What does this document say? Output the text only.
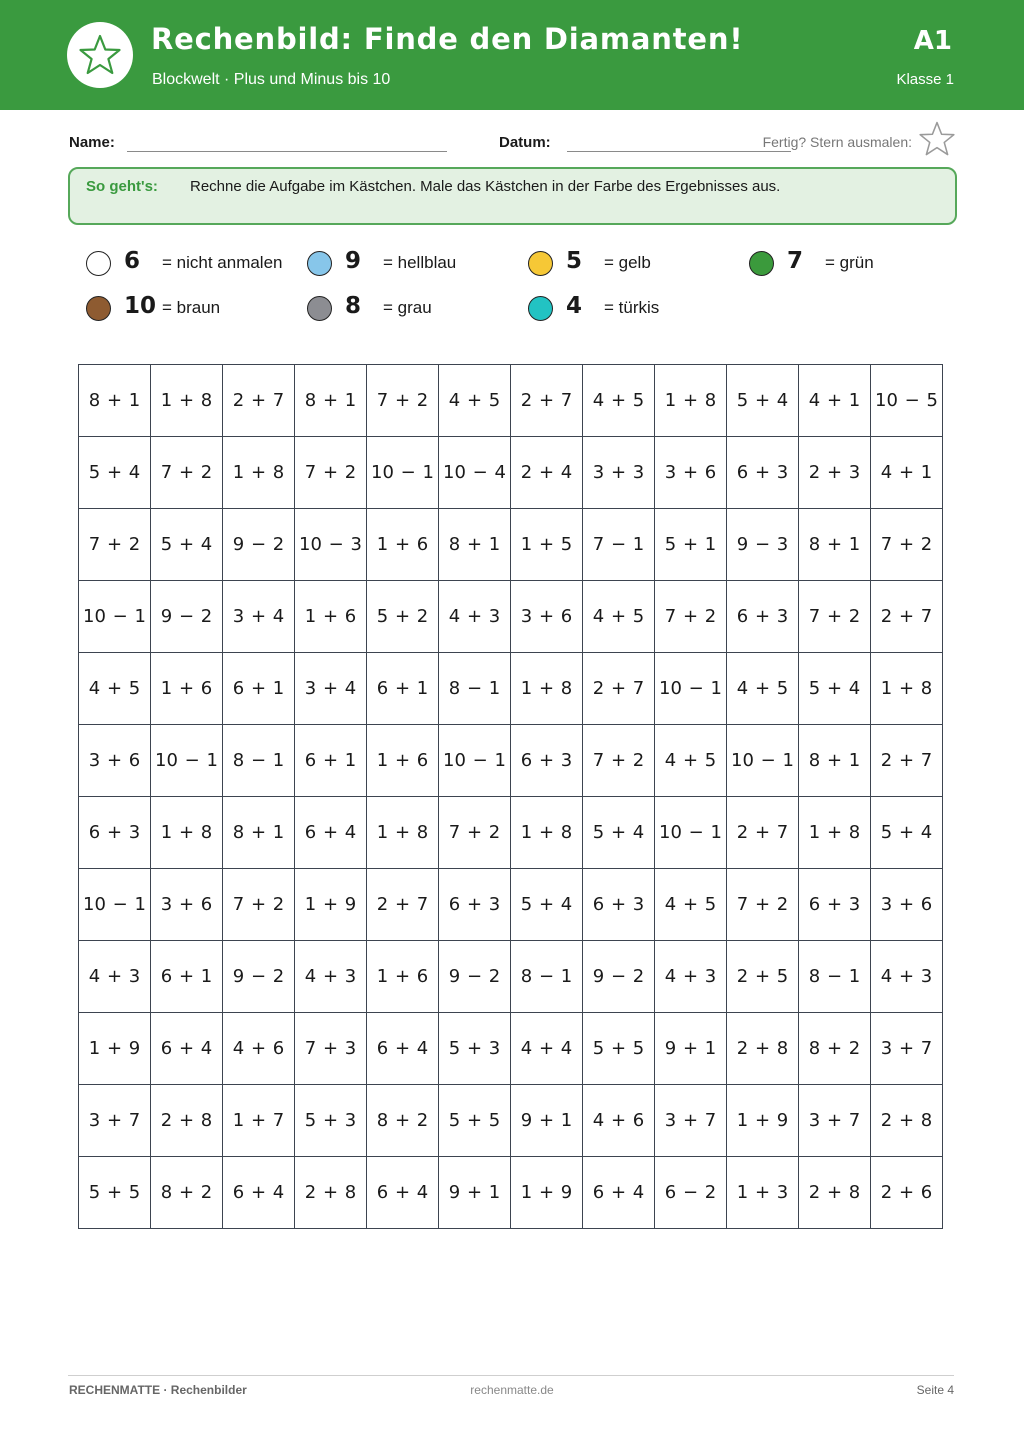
Rechenbild: Finde den Diamanten!
Blockwelt · Plus und Minus bis 10
A1
Klasse 1
Name:	Datum:	Fertig? Stern ausmalen:
So geht's: Rechne die Aufgabe im Kästchen. Male das Kästchen in der Farbe des Ergebnisses aus.
6 = nicht anmalen	9 = hellblau	5 = gelb	7 = grün
10 = braun	8 = grau	4 = türkis
8 + 1	1 + 8	2 + 7	8 + 1	7 + 2	4 + 5	2 + 7	4 + 5	1 + 8	5 + 4	4 + 1	10 − 5
5 + 4	7 + 2	1 + 8	7 + 2	10 − 1	10 − 4	2 + 4	3 + 3	3 + 6	6 + 3	2 + 3	4 + 1
7 + 2	5 + 4	9 − 2	10 − 3	1 + 6	8 + 1	1 + 5	7 − 1	5 + 1	9 − 3	8 + 1	7 + 2
10 − 1	9 − 2	3 + 4	1 + 6	5 + 2	4 + 3	3 + 6	4 + 5	7 + 2	6 + 3	7 + 2	2 + 7
4 + 5	1 + 6	6 + 1	3 + 4	6 + 1	8 − 1	1 + 8	2 + 7	10 − 1	4 + 5	5 + 4	1 + 8
3 + 6	10 − 1	8 − 1	6 + 1	1 + 6	10 − 1	6 + 3	7 + 2	4 + 5	10 − 1	8 + 1	2 + 7
6 + 3	1 + 8	8 + 1	6 + 4	1 + 8	7 + 2	1 + 8	5 + 4	10 − 1	2 + 7	1 + 8	5 + 4
10 − 1	3 + 6	7 + 2	1 + 9	2 + 7	6 + 3	5 + 4	6 + 3	4 + 5	7 + 2	6 + 3	3 + 6
4 + 3	6 + 1	9 − 2	4 + 3	1 + 6	9 − 2	8 − 1	9 − 2	4 + 3	2 + 5	8 − 1	4 + 3
1 + 9	6 + 4	4 + 6	7 + 3	6 + 4	5 + 3	4 + 4	5 + 5	9 + 1	2 + 8	8 + 2	3 + 7
3 + 7	2 + 8	1 + 7	5 + 3	8 + 2	5 + 5	9 + 1	4 + 6	3 + 7	1 + 9	3 + 7	2 + 8
5 + 5	8 + 2	6 + 4	2 + 8	6 + 4	9 + 1	1 + 9	6 + 4	6 − 2	1 + 3	2 + 8	2 + 6
RECHENMATTE · Rechenbilder	rechenmatte.de	Seite 4
